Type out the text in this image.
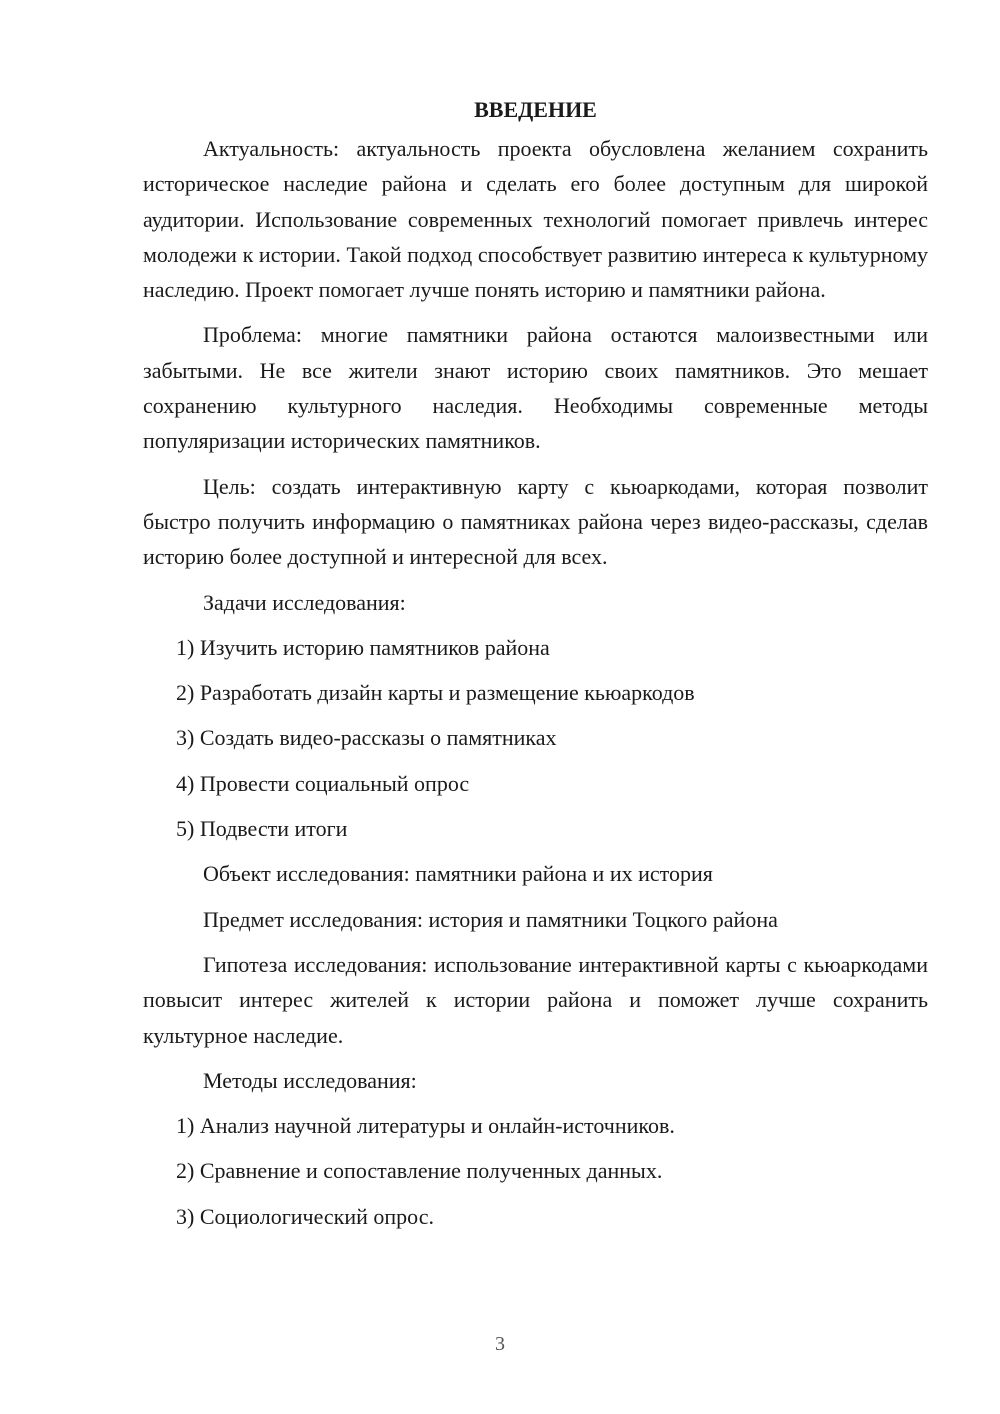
ВВЕДЕНИЕ

Актуальность: актуальность проекта обусловлена желанием сохранить историческое наследие района и сделать его более доступным для широкой аудитории. Использование современных технологий помогает привлечь интерес молодежи к истории. Такой подход способствует развитию интереса к культурному наследию. Проект помогает лучше понять историю и памятники района.

Проблема: многие памятники района остаются малоизвестными или забытыми. Не все жители знают историю своих памятников. Это мешает сохранению культурного наследия. Необходимы современные методы популяризации исторических памятников.

Цель: создать интерактивную карту с кьюаркодами, которая позволит быстро получить информацию о памятниках района через видео-рассказы, сделав историю более доступной и интересной для всех.

Задачи исследования:

1) Изучить историю памятников района

2) Разработать дизайн карты и размещение кьюаркодов

3) Создать видео-рассказы о памятниках

4) Провести социальный опрос

5) Подвести итоги

Объект исследования: памятники района и их история

Предмет исследования: история и памятники Тоцкого района

Гипотеза исследования: использование интерактивной карты с кьюаркодами повысит интерес жителей к истории района и поможет лучше сохранить культурное наследие.

Методы исследования:

1) Анализ научной литературы и онлайн-источников.

2) Сравнение и сопоставление полученных данных.

3) Социологический опрос.

3
